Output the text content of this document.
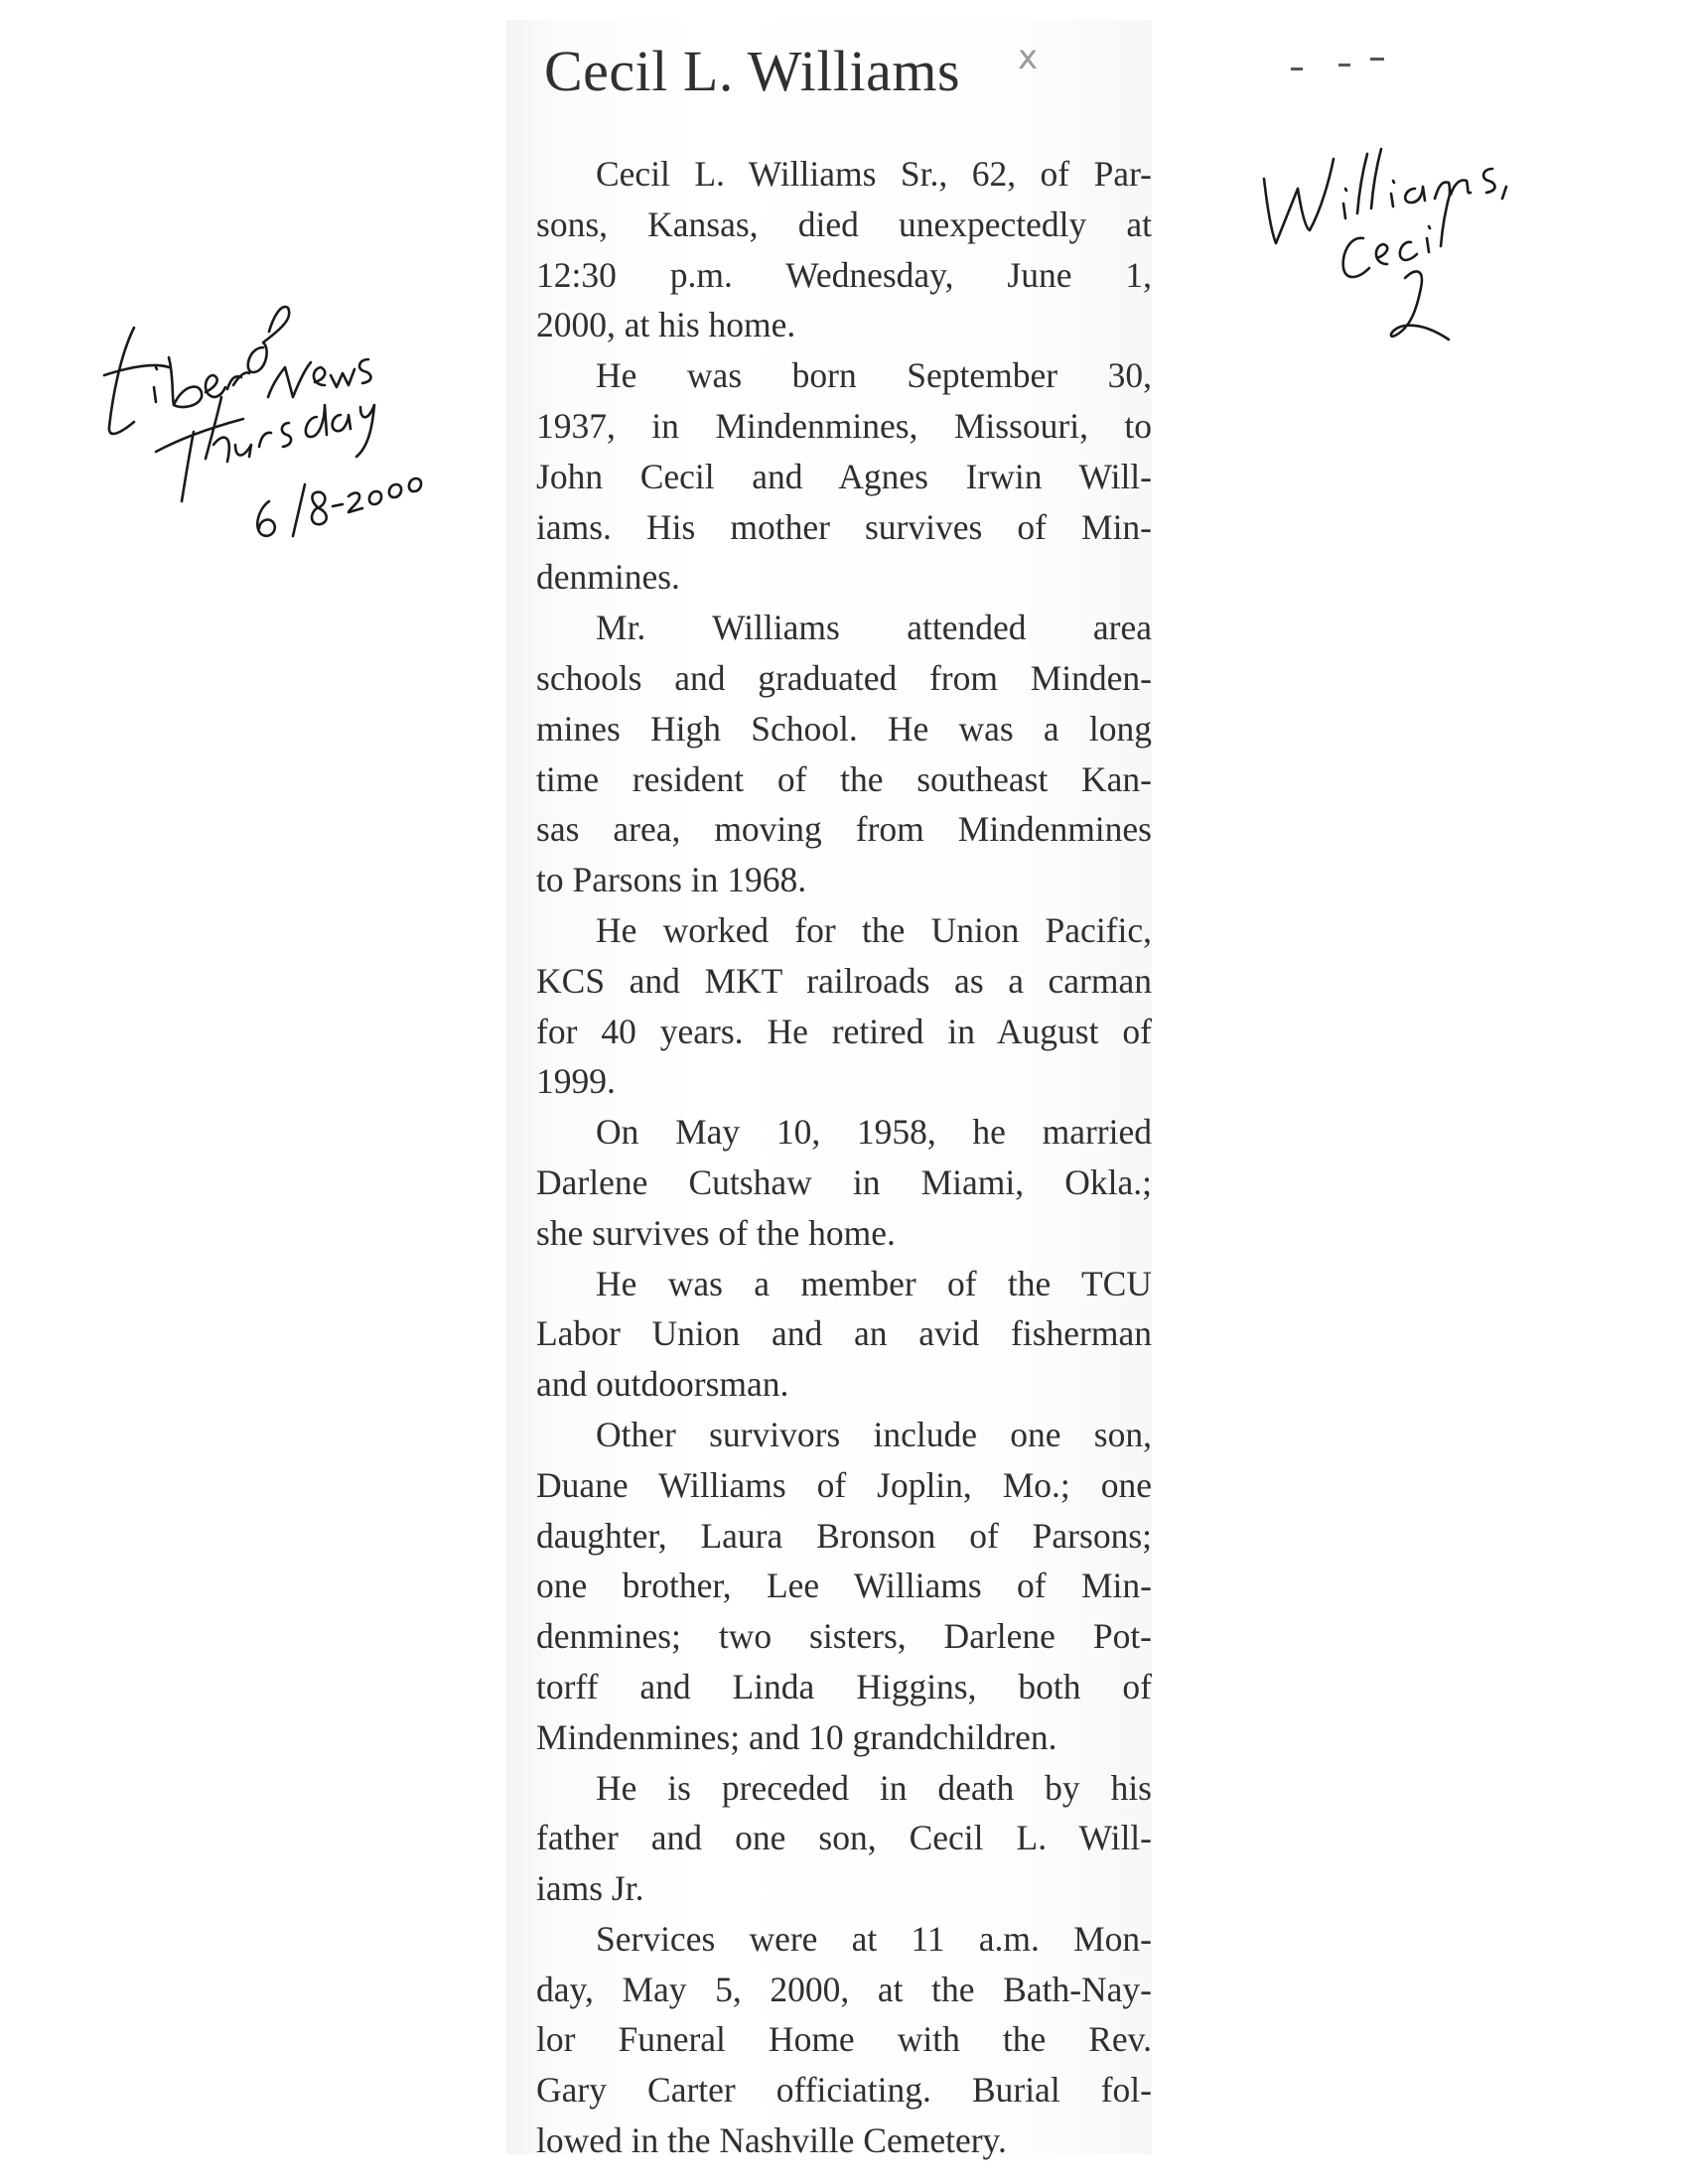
Cecil L. Williams x
Cecil L. Williams Sr., 62, of Par-
sons, Kansas, died unexpectedly at
12:30 p.m. Wednesday, June 1,
2000, at his home.
He was born September 30,
1937, in Mindenmines, Missouri, to
John Cecil and Agnes Irwin Will-
iams. His mother survives of Min-
denmines.
Mr. Williams attended area
schools and graduated from Minden-
mines High School. He was a long
time resident of the southeast Kan-
sas area, moving from Mindenmines
to Parsons in 1968.
He worked for the Union Pacific,
KCS and MKT railroads as a carman
for 40 years. He retired in August of
1999.
On May 10, 1958, he married
Darlene Cutshaw in Miami, Okla.;
she survives of the home.
He was a member of the TCU
Labor Union and an avid fisherman
and outdoorsman.
Other survivors include one son,
Duane Williams of Joplin, Mo.; one
daughter, Laura Bronson of Parsons;
one brother, Lee Williams of Min-
denmines; two sisters, Darlene Pot-
torff and Linda Higgins, both of
Mindenmines; and 10 grandchildren.
He is preceded in death by his
father and one son, Cecil L. Will-
iams Jr.
Services were at 11 a.m. Mon-
day, May 5, 2000, at the Bath-Nay-
lor Funeral Home with the Rev.
Gary Carter officiating. Burial fol-
lowed in the Nashville Cemetery.
